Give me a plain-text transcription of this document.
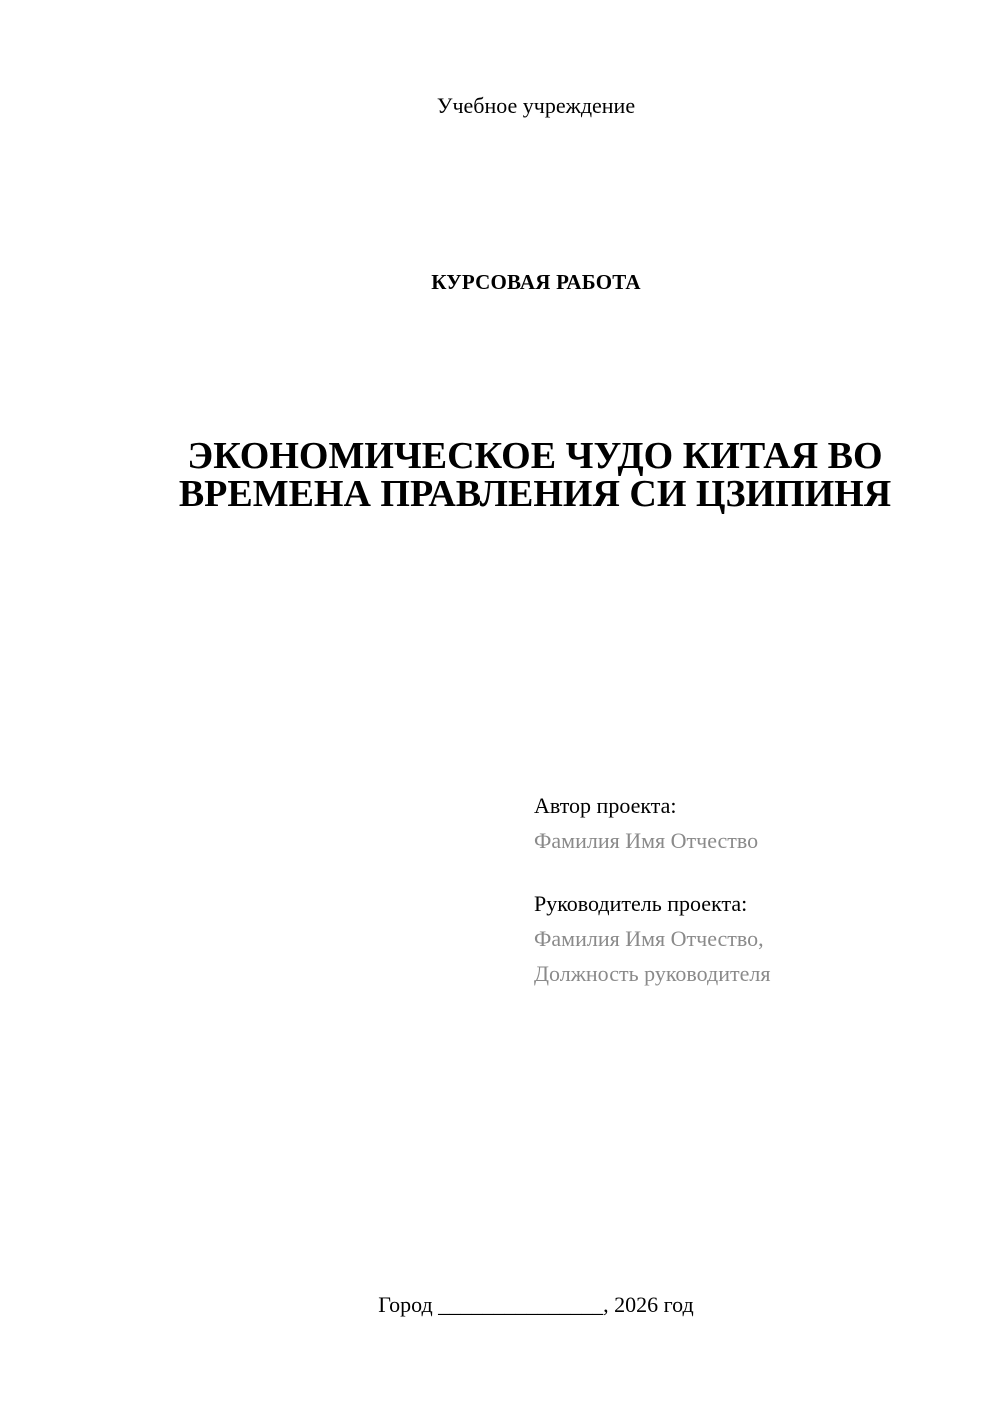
Учебное учреждение
КУРСОВАЯ РАБОТА
ЭКОНОМИЧЕСКОЕ ЧУДО КИТАЯ ВО
ВРЕМЕНА ПРАВЛЕНИЯ СИ ЦЗИПИНЯ
Автор проекта:
Фамилия Имя Отчество
Руководитель проекта:
Фамилия Имя Отчество,
Должность руководителя
Город _______________, 2026 год
